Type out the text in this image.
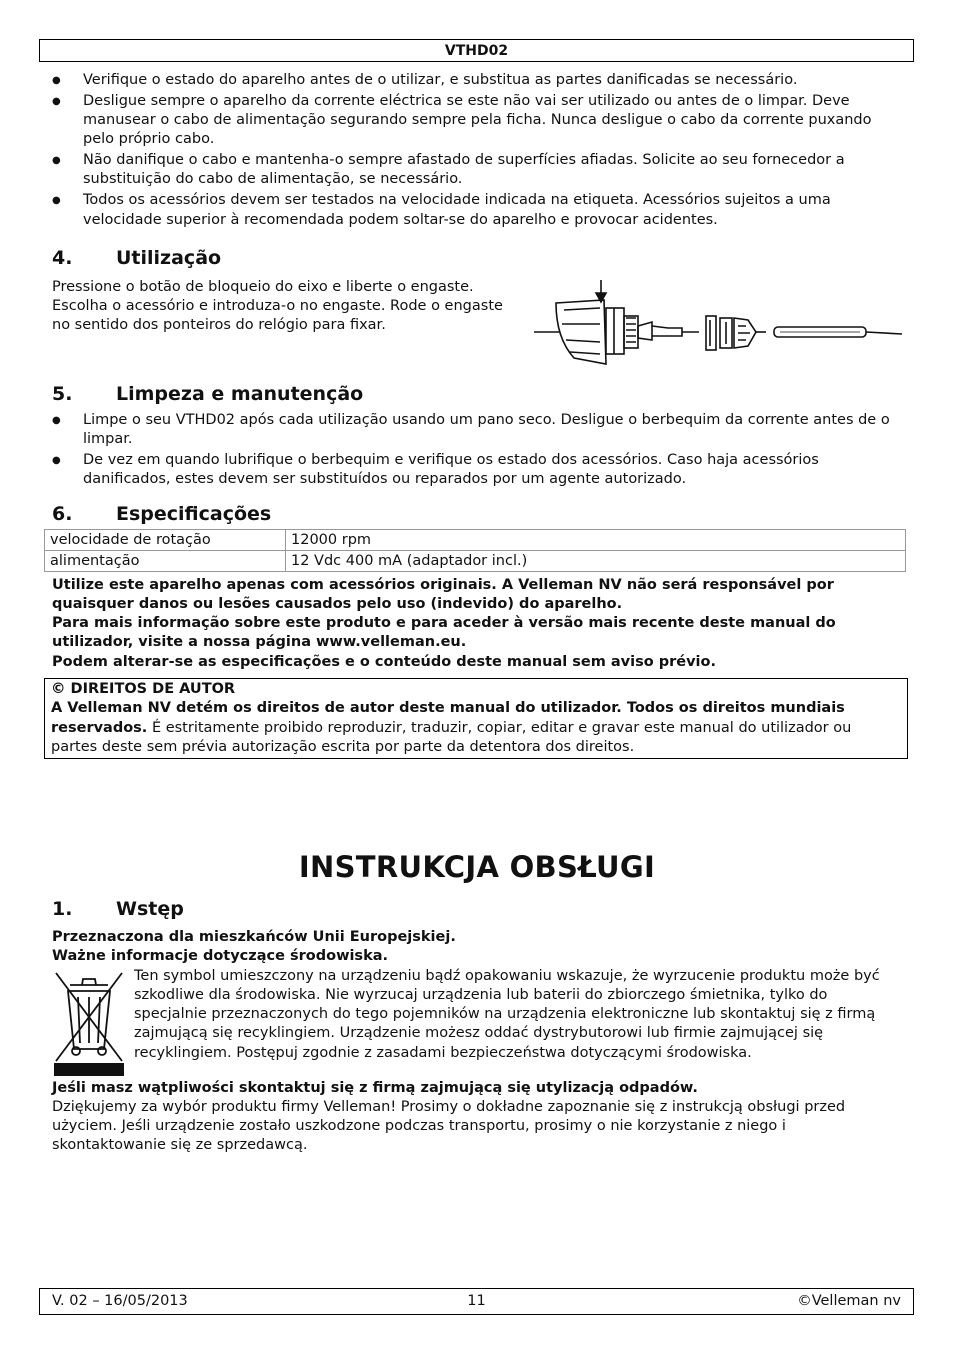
VTHD02
● Verifique o estado do aparelho antes de o utilizar, e substitua as partes danificadas se necessário.
● Desligue sempre o aparelho da corrente eléctrica se este não vai ser utilizado ou antes de o limpar. Deve manusear o cabo de alimentação segurando sempre pela ficha. Nunca desligue o cabo da corrente puxando pelo próprio cabo.
● Não danifique o cabo e mantenha-o sempre afastado de superfícies afiadas. Solicite ao seu fornecedor a substituição do cabo de alimentação, se necessário.
● Todos os acessórios devem ser testados na velocidade indicada na etiqueta. Acessórios sujeitos a uma velocidade superior à recomendada podem soltar-se do aparelho e provocar acidentes.
4. Utilização
Pressione o botão de bloqueio do eixo e liberte o engaste. Escolha o acessório e introduza-o no engaste. Rode o engaste no sentido dos ponteiros do relógio para fixar.
5. Limpeza e manutenção
● Limpe o seu VTHD02 após cada utilização usando um pano seco. Desligue o berbequim da corrente antes de o limpar.
● De vez em quando lubrifique o berbequim e verifique os estado dos acessórios. Caso haja acessórios danificados, estes devem ser substituídos ou reparados por um agente autorizado.
6. Especificações
velocidade de rotação	12000 rpm
alimentação	12 Vdc 400 mA (adaptador incl.)
Utilize este aparelho apenas com acessórios originais. A Velleman NV não será responsável por quaisquer danos ou lesões causados pelo uso (indevido) do aparelho.
Para mais informação sobre este produto e para aceder à versão mais recente deste manual do utilizador, visite a nossa página www.velleman.eu.
Podem alterar-se as especificações e o conteúdo deste manual sem aviso prévio.
© DIREITOS DE AUTOR
A Velleman NV detém os direitos de autor deste manual do utilizador. Todos os direitos mundiais reservados. É estritamente proibido reproduzir, traduzir, copiar, editar e gravar este manual do utilizador ou partes deste sem prévia autorização escrita por parte da detentora dos direitos.
INSTRUKCJA OBSŁUGI
1. Wstęp
Przeznaczona dla mieszkańców Unii Europejskiej.
Ważne informacje dotyczące środowiska.
Ten symbol umieszczony na urządzeniu bądź opakowaniu wskazuje, że wyrzucenie produktu może być szkodliwe dla środowiska. Nie wyrzucaj urządzenia lub baterii do zbiorczego śmietnika, tylko do specjalnie przeznaczonych do tego pojemników na urządzenia elektroniczne lub skontaktuj się z firmą zajmującą się recyklingiem. Urządzenie możesz oddać dystrybutorowi lub firmie zajmującej się recyklingiem. Postępuj zgodnie z zasadami bezpieczeństwa dotyczącymi środowiska.
Jeśli masz wątpliwości skontaktuj się z firmą zajmującą się utylizacją odpadów.
Dziękujemy za wybór produktu firmy Velleman! Prosimy o dokładne zapoznanie się z instrukcją obsługi przed użyciem. Jeśli urządzenie zostało uszkodzone podczas transportu, prosimy o nie korzystanie z niego i skontaktowanie się ze sprzedawcą.
V. 02 – 16/05/2013	11	©Velleman nv
